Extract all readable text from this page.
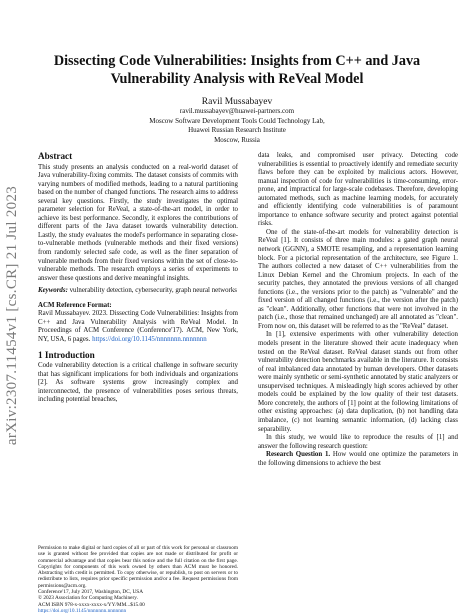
arXiv:2307.11454v1 [cs.CR] 21 Jul 2023
Dissecting Code Vulnerabilities: Insights from C++ and Java Vulnerability Analysis with ReVeal Model
Ravil Mussabayev
ravil.mussabayev@huawei-partners.com
Moscow Software Development Tools Could Technology Lab,
Huawei Russian Research Institute
Moscow, Russia
Abstract

This study presents an analysis conducted on a real-world dataset of Java vulnerability-fixing commits. The dataset consists of commits with varying numbers of modified methods, leading to a natural partitioning based on the number of changed functions. The research aims to address several key questions. Firstly, the study investigates the optimal parameter selection for ReVeal, a state-of-the-art model, in order to achieve its best performance. Secondly, it explores the contributions of different parts of the Java dataset towards vulnerability detection. Lastly, the study evaluates the model's performance in separating close-to-vulnerable methods (vulnerable methods and their fixed versions) from randomly selected safe code, as well as the finer separation of vulnerable methods from their fixed versions within the set of close-to-vulnerable methods. The research employs a series of experiments to answer these questions and derive meaningful insights.

Keywords: vulnerability detection, cybersecurity, graph neural networks
ACM Reference Format:

Ravil Mussabayev. 2023. Dissecting Code Vulnerabilities: Insights from C++ and Java Vulnerability Analysis with ReVeal Model. In Proceedings of ACM Conference (Conference'17). ACM, New York, NY, USA, 6 pages. https://doi.org/10.1145/nnnnnnn.nnnnnnn

1 Introduction

Code vulnerability detection is a critical challenge in software security that has significant implications for both individuals and organizations [2]. As software systems grow increasingly complex and interconnected, the presence of vulnerabilities poses serious threats, including potential breaches,

Permission to make digital or hard copies of all or part of this work for personal or classroom use is granted without fee provided that copies are not made or distributed for profit or commercial advantage and that copies bear this notice and the full citation on the first page. Copyrights for components of this work owned by others than ACM must be honored. Abstracting with credit is permitted. To copy otherwise, or republish, to post on servers or to redistribute to lists, requires prior specific permission and/or a fee. Request permissions from permissions@acm.org.

Conference'17, July 2017, Washington, DC, USA

© 2023 Association for Computing Machinery.

ACM ISBN 978-x-xxxx-xxxx-x/YY/MM...$15.00

https://doi.org/10.1145/nnnnnnn.nnnnnnn

data leaks, and compromised user privacy. Detecting code vulnerabilities is essential to proactively identify and remediate security flaws before they can be exploited by malicious actors. However, manual inspection of code for vulnerabilities is time-consuming, error-prone, and impractical for large-scale codebases. Therefore, developing automated methods, such as machine learning models, for accurately and efficiently identifying code vulnerabilities is of paramount importance to enhance software security and protect against potential risks.

One of the state-of-the-art models for vulnerability detection is ReVeal [1]. It consists of three main modules: a gated graph neural network (GGNN), a SMOTE resampling, and a representation learning block. For a pictorial representation of the architecture, see Figure 1. The authors collected a new dataset of C++ vulnerabilities from the Linux Debian Kernel and the Chromium projects. In each of the security patches, they annotated the previous versions of all changed functions (i.e., the versions prior to the patch) as "vulnerable" and the fixed version of all changed functions (i.e., the version after the patch) as "clean". Additionally, other functions that were not involved in the patch (i.e., those that remained unchanged) are all annotated as "clean". From now on, this dataset will be referred to as the "ReVeal" dataset.

In [1], extensive experiments with other vulnerability detection models present in the literature showed their acute inadequacy when tested on the ReVeal dataset. ReVeal dataset stands out from other vulnerability detection benchmarks available in the literature. It consists of real imbalanced data annotated by human developers. Other datasets were mainly synthetic or semi-synthetic annotated by static analyzers or unsupervised techniques. A misleadingly high scores achieved by other models could be explained by the low quality of their test datasets. More concretely, the authors of [1] point at the following limitations of other existing approaches: (a) data duplication, (b) not handling data imbalance, (c) not learning semantic information, (d) lacking class separability.

In this study, we would like to reproduce the results of [1] and answer the following research question:

Research Question 1. How would one optimize the parameters in the following dimensions to achieve the best
